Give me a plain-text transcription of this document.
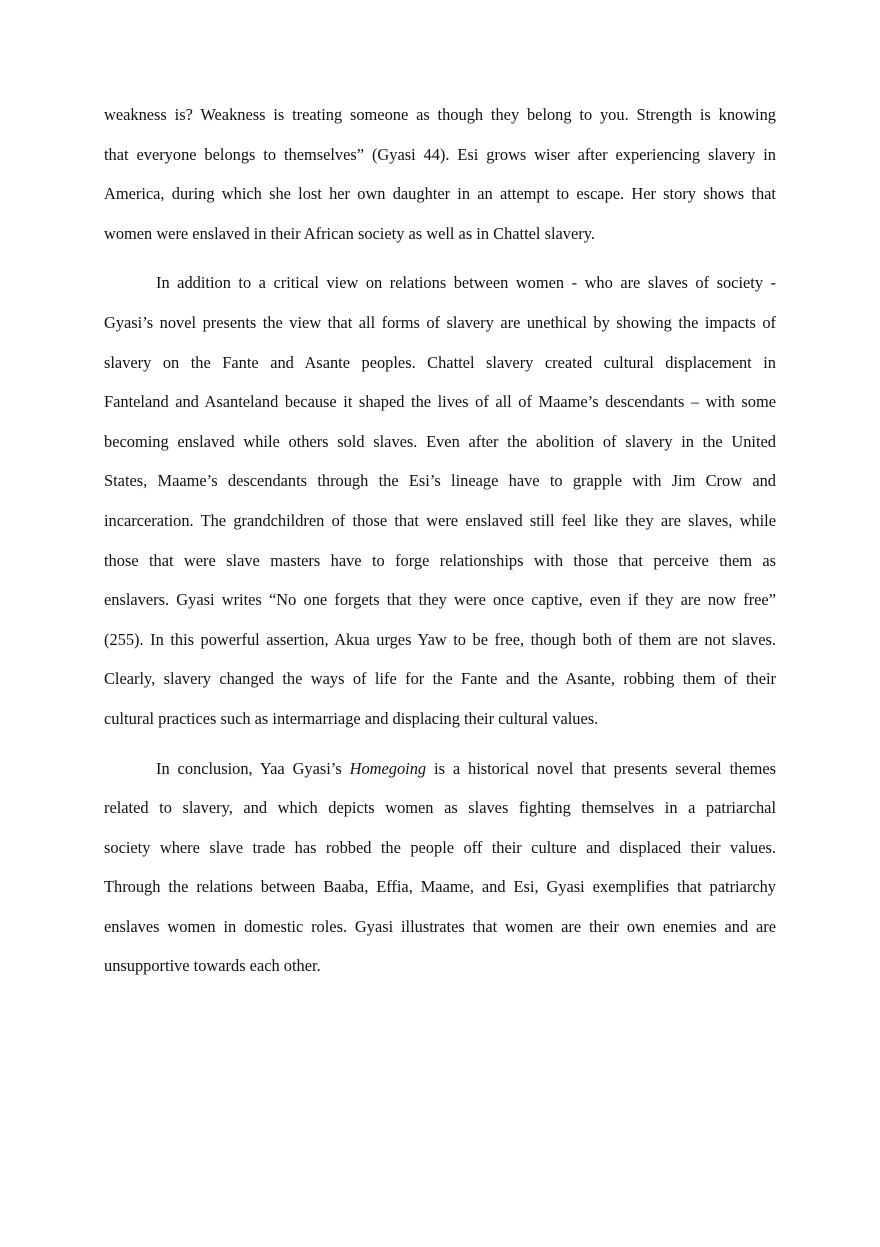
weakness is? Weakness is treating someone as though they belong to you. Strength is knowing
that everyone belongs to themselves” (Gyasi 44). Esi grows wiser after experiencing slavery in
America, during which she lost her own daughter in an attempt to escape. Her story shows that
women were enslaved in their African society as well as in Chattel slavery.
In addition to a critical view on relations between women - who are slaves of society -
Gyasi’s novel presents the view that all forms of slavery are unethical by showing the impacts of
slavery on the Fante and Asante peoples. Chattel slavery created cultural displacement in
Fanteland and Asanteland because it shaped the lives of all of Maame’s descendants – with some
becoming enslaved while others sold slaves. Even after the abolition of slavery in the United
States, Maame’s descendants through the Esi’s lineage have to grapple with Jim Crow and
incarceration. The grandchildren of those that were enslaved still feel like they are slaves, while
those that were slave masters have to forge relationships with those that perceive them as
enslavers. Gyasi writes “No one forgets that they were once captive, even if they are now free”
(255). In this powerful assertion, Akua urges Yaw to be free, though both of them are not slaves.
Clearly, slavery changed the ways of life for the Fante and the Asante, robbing them of their
cultural practices such as intermarriage and displacing their cultural values.
In conclusion, Yaa Gyasi’s Homegoing is a historical novel that presents several themes
related to slavery, and which depicts women as slaves fighting themselves in a patriarchal
society where slave trade has robbed the people off their culture and displaced their values.
Through the relations between Baaba, Effia, Maame, and Esi, Gyasi exemplifies that patriarchy
enslaves women in domestic roles. Gyasi illustrates that women are their own enemies and are
unsupportive towards each other.
